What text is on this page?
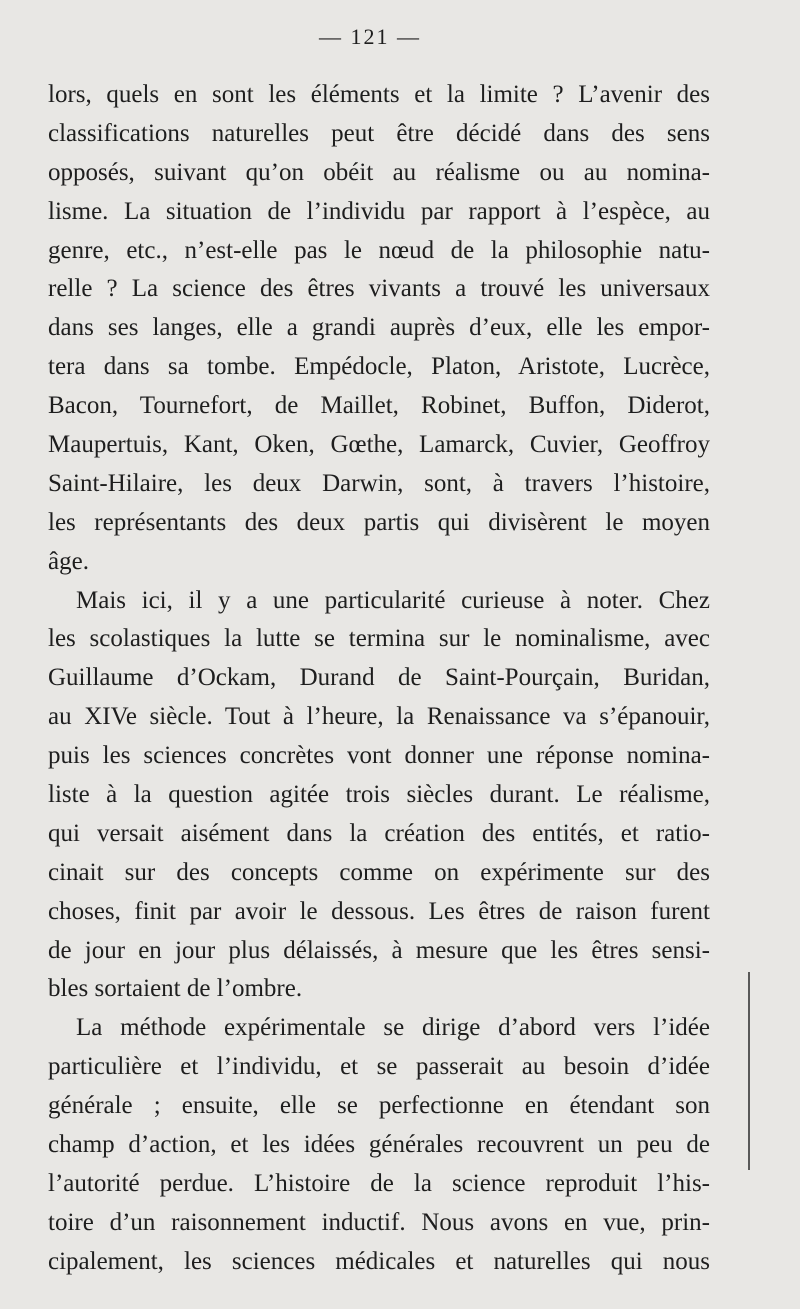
— 121 —
lors, quels en sont les éléments et la limite ? L’avenir des
classifications naturelles peut être décidé dans des sens
opposés, suivant qu’on obéit au réalisme ou au nomina-
lisme. La situation de l’individu par rapport à l’espèce, au
genre, etc., n’est-elle pas le nœud de la philosophie natu-
relle ? La science des êtres vivants a trouvé les universaux
dans ses langes, elle a grandi auprès d’eux, elle les empor-
tera dans sa tombe. Empédocle, Platon, Aristote, Lucrèce,
Bacon, Tournefort, de Maillet, Robinet, Buffon, Diderot,
Maupertuis, Kant, Oken, Gœthe, Lamarck, Cuvier, Geoffroy
Saint-Hilaire, les deux Darwin, sont, à travers l’histoire,
les représentants des deux partis qui divisèrent le moyen
âge.
Mais ici, il y a une particularité curieuse à noter. Chez
les scolastiques la lutte se termina sur le nominalisme, avec
Guillaume d’Ockam, Durand de Saint-Pourçain, Buridan,
au XIVe siècle. Tout à l’heure, la Renaissance va s’épanouir,
puis les sciences concrètes vont donner une réponse nomina-
liste à la question agitée trois siècles durant. Le réalisme,
qui versait aisément dans la création des entités, et ratio-
cinait sur des concepts comme on expérimente sur des
choses, finit par avoir le dessous. Les êtres de raison furent
de jour en jour plus délaissés, à mesure que les êtres sensi-
bles sortaient de l’ombre.
La méthode expérimentale se dirige d’abord vers l’idée
particulière et l’individu, et se passerait au besoin d’idée
générale ; ensuite, elle se perfectionne en étendant son
champ d’action, et les idées générales recouvrent un peu de
l’autorité perdue. L’histoire de la science reproduit l’his-
toire d’un raisonnement inductif. Nous avons en vue, prin-
cipalement, les sciences médicales et naturelles qui nous
